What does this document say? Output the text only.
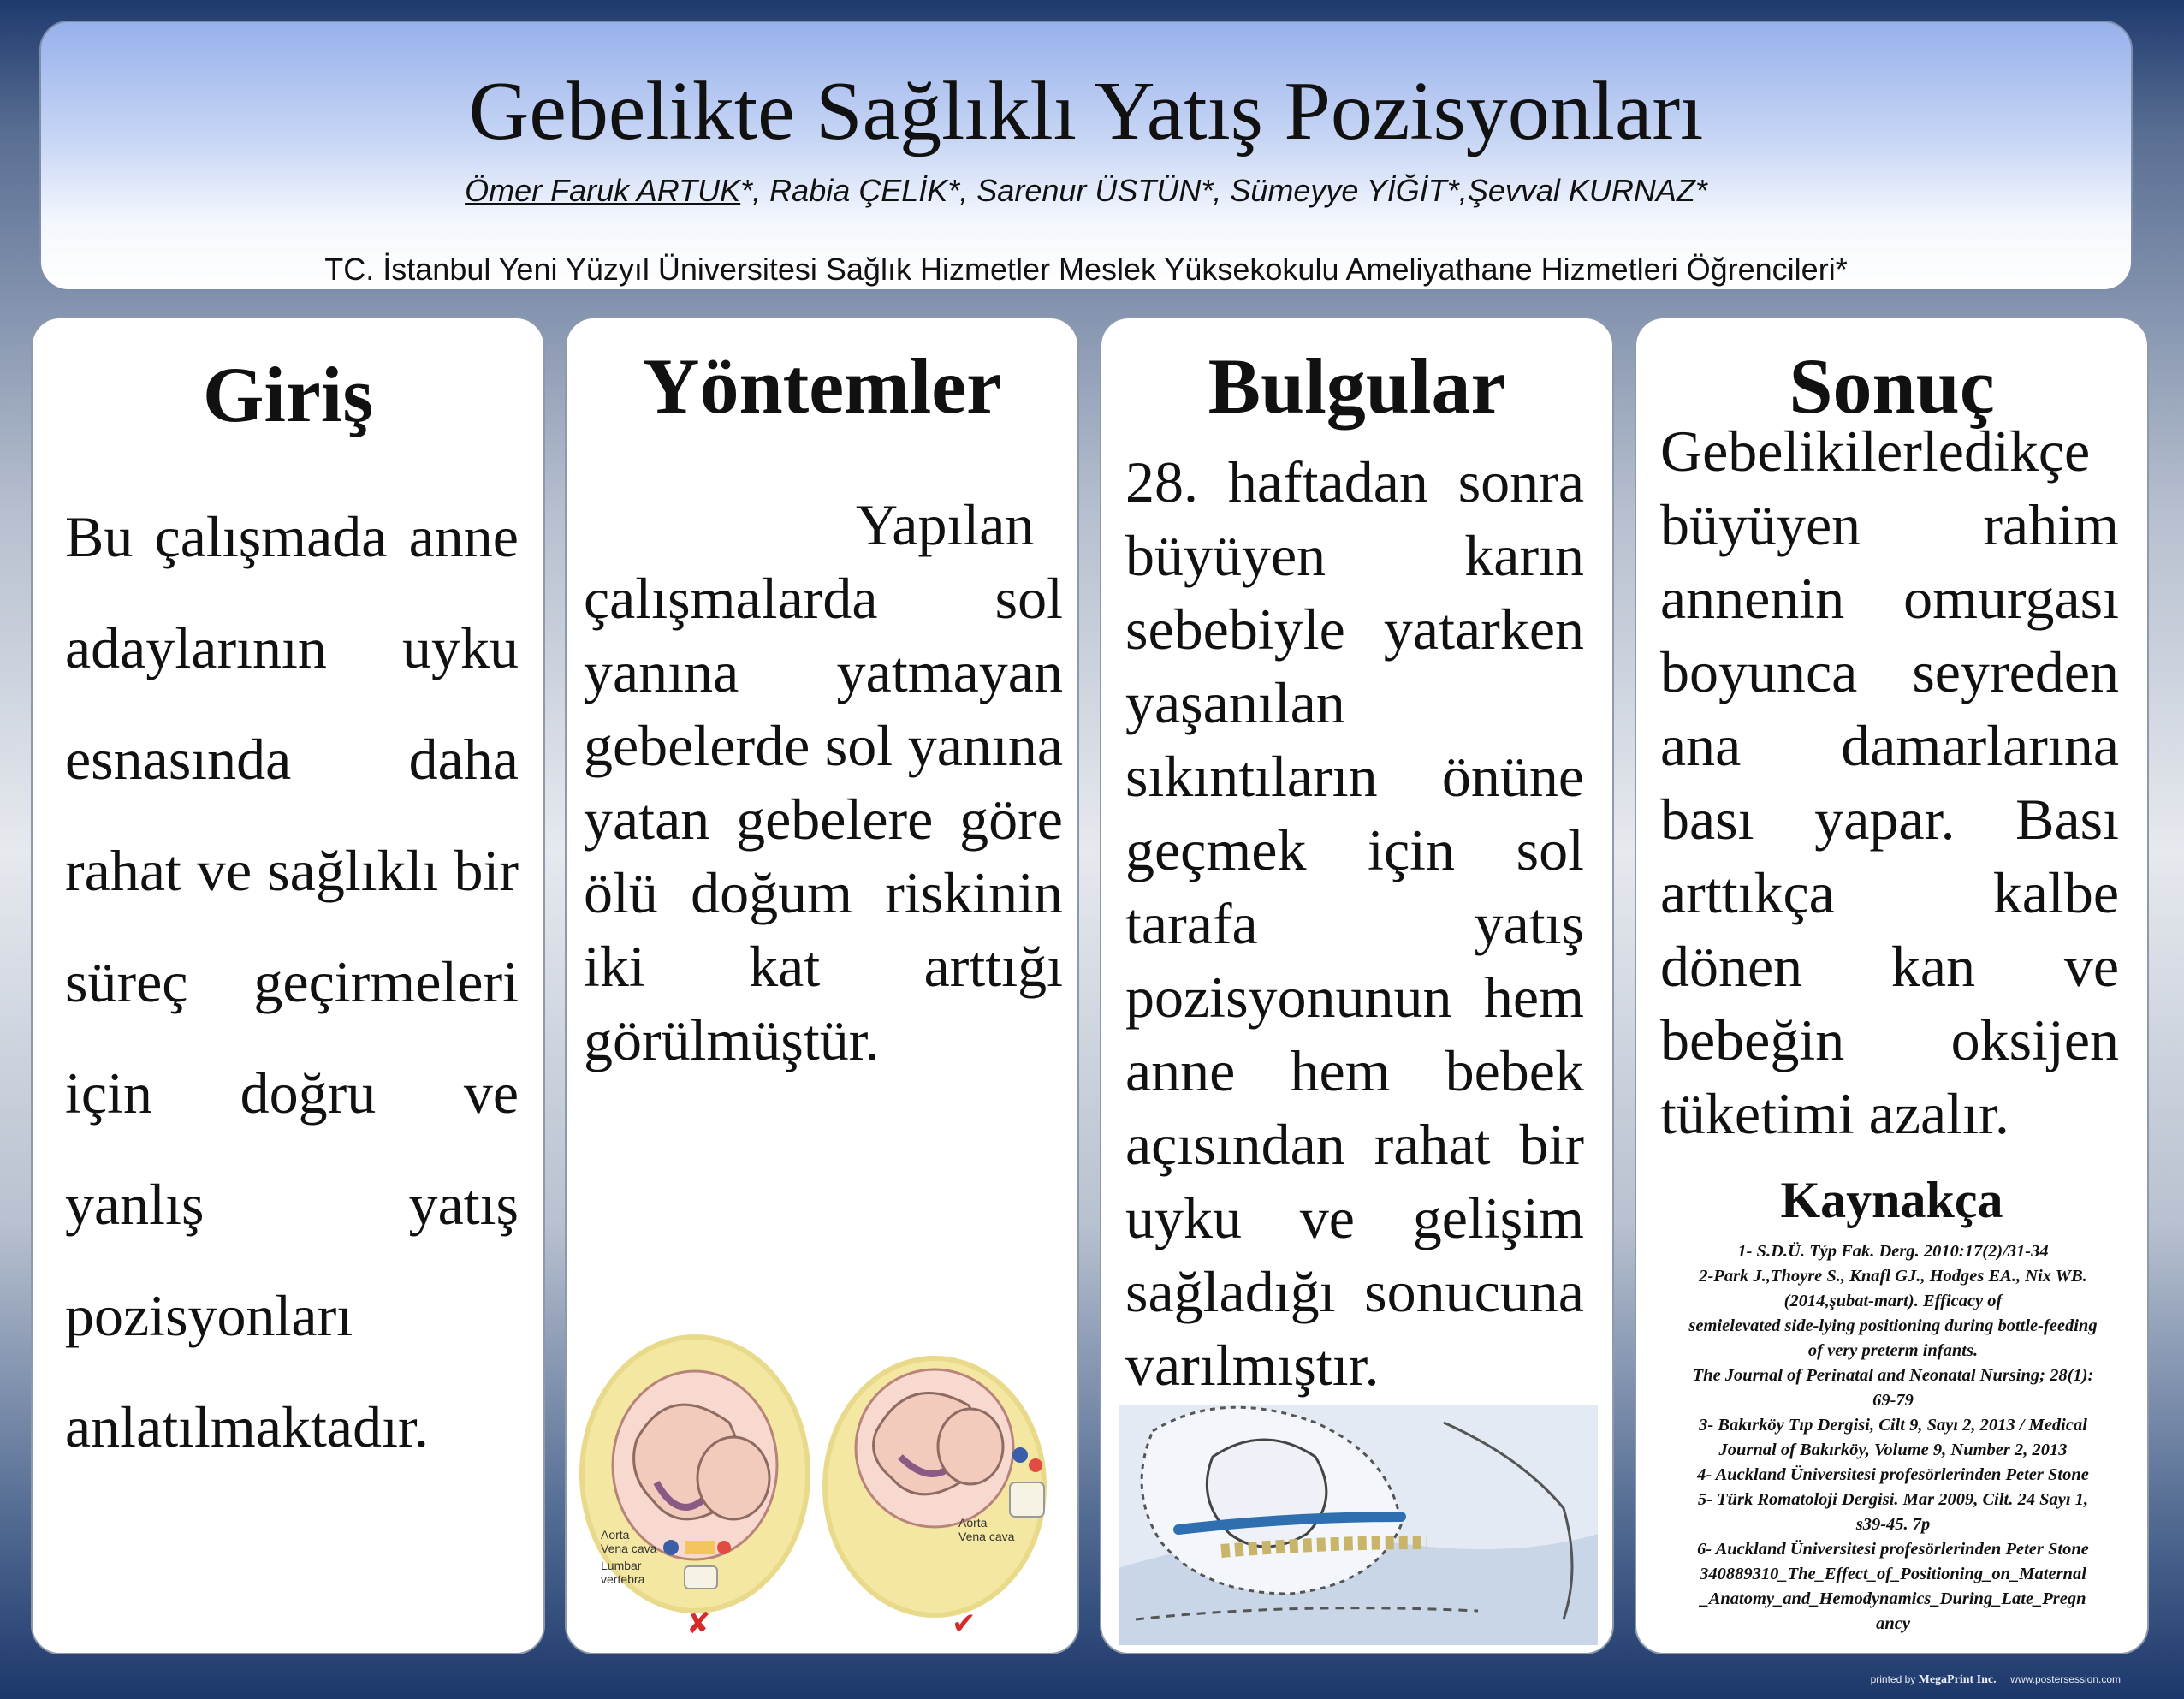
Gebelikte Sağlıklı Yatış Pozisyonları
Ömer Faruk ARTUK*, Rabia ÇELİK*, Sarenur ÜSTÜN*, Sümeyye YİĞİT*,Şevval KURNAZ*
TC. İstanbul Yeni Yüzyıl Üniversitesi Sağlık Hizmetler Meslek Yüksekokulu Ameliyathane Hizmetleri Öğrencileri*
Giriş
Bu çalışmada anne adaylarının uyku esnasında daha rahat ve sağlıklı bir süreç geçirmeleri için doğru ve yanlış yatış pozisyonları anlatılmaktadır.
Yöntemler
Yapılan çalışmalarda sol yanına yatmayan gebelerde sol yanına yatan gebelere göre ölü doğum riskinin iki kat arttığı görülmüştür.
Aorta
Vena cava
Lumbar
vertebra
✘
Aorta
Vena cava
✔
Bulgular
28. haftadan sonra büyüyen karın sebebiyle yatarken yaşanılan sıkıntıların önüne geçmek için sol tarafa yatış pozisyonunun hem anne hem bebek açısından rahat bir uyku ve gelişim sağladığı sonucuna varılmıştır.
Sonuç
Gebelikilerledikçe büyüyen rahim annenin omurgası boyunca seyreden ana damarlarına bası yapar. Bası arttıkça kalbe dönen kan ve bebeğin oksijen tüketimi azalır.
Kaynakça
1- S.D.Ü. Týp Fak. Derg. 2010:17(2)/31-34
2-Park J.,Thoyre S., Knafl GJ., Hodges EA., Nix WB.
(2014,şubat-mart). Efficacy of
semielevated side-lying positioning during bottle-feeding
of very preterm infants.
The Journal of Perinatal and Neonatal Nursing; 28(1):
69-79
3- Bakırköy Tıp Dergisi, Cilt 9, Sayı 2, 2013 / Medical
Journal of Bakırköy, Volume 9, Number 2, 2013
4- Auckland Üniversitesi profesörlerinden Peter Stone
5- Türk Romatoloji Dergisi. Mar 2009, Cilt. 24 Sayı 1,
s39-45. 7p
6- Auckland Üniversitesi profesörlerinden Peter Stone
340889310_The_Effect_of_Positioning_on_Maternal
_Anatomy_and_Hemodynamics_During_Late_Pregn
ancy
printed by MegaPrint Inc. www.postersession.com
